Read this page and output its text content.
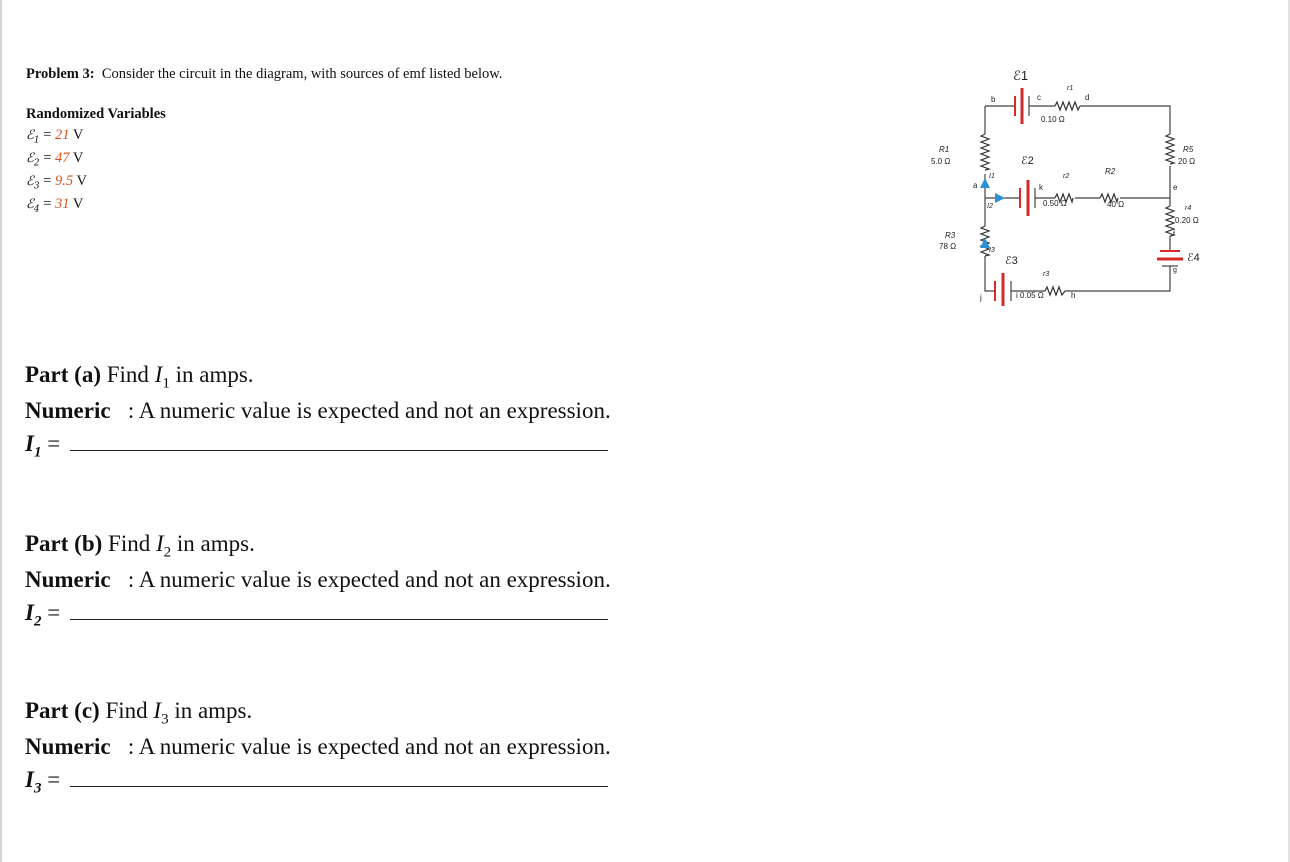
Problem 3: Consider the circuit in the diagram, with sources of emf listed below.
Randomized Variables
ℰ$_1$ = 21 V
ℰ$_2$ = 47 V
ℰ$_3$ = 9.5 V
ℰ$_4$ = 31 V
ℰ1
b	c
r1
d
0.10 Ω
R1
5.0 Ω
I1
ℰ2
a	k
r2
0.50 Ω
I2
R2
40 Ω
R3
78 Ω	I3
ℰ3
j	i
r3
0.05 Ω	h
R5
20 Ω
e
r4
0.20 Ω
f
ℰ4
g
Part (a) Find $I_1$ in amps.
Numeric   : A numeric value is expected and not an expression.
$I_1$ =
Part (b) Find $I_2$ in amps.
Numeric   : A numeric value is expected and not an expression.
$I_2$ =
Part (c) Find $I_3$ in amps.
Numeric   : A numeric value is expected and not an expression.
$I_3$ =
